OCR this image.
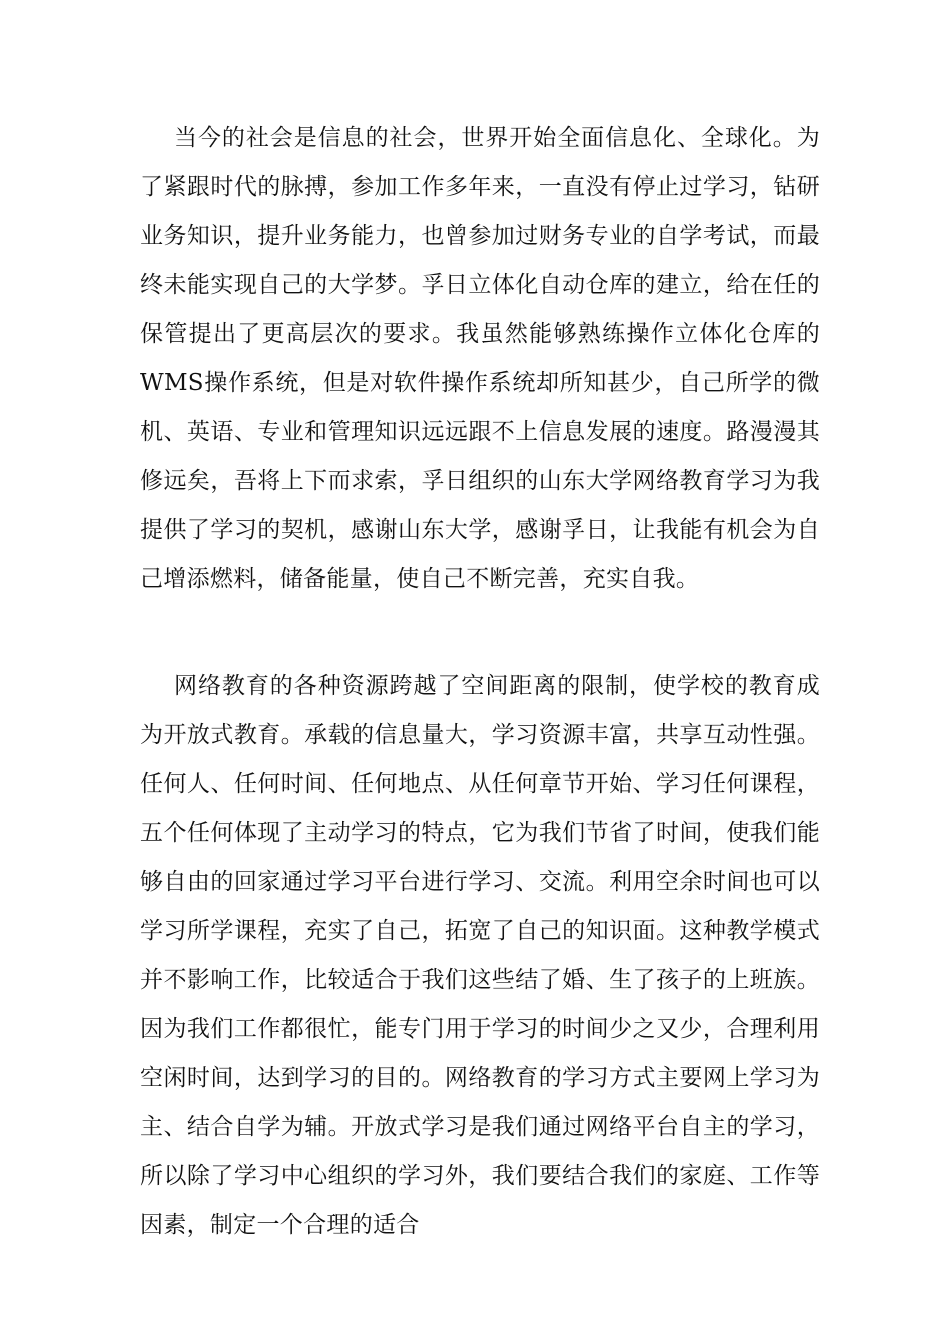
当今的社会是信息的社会，世界开始全面信息化、全球化。为了紧跟时代的脉搏，参加工作多年来，一直没有停止过学习，钻研业务知识，提升业务能力，也曾参加过财务专业的自学考试，而最终未能实现自己的大学梦。孚日立体化自动仓库的建立，给在任的保管提出了更高层次的要求。我虽然能够熟练操作立体化仓库的WMS操作系统，但是对软件操作系统却所知甚少，自己所学的微机、英语、专业和管理知识远远跟不上信息发展的速度。路漫漫其修远矣，吾将上下而求索，孚日组织的山东大学网络教育学习为我提供了学习的契机，感谢山东大学，感谢孚日，让我能有机会为自己增添燃料，储备能量，使自己不断完善，充实自我。

网络教育的各种资源跨越了空间距离的限制，使学校的教育成为开放式教育。承载的信息量大，学习资源丰富，共享互动性强。任何人、任何时间、任何地点、从任何章节开始、学习任何课程，五个任何体现了主动学习的特点，它为我们节省了时间，使我们能够自由的回家通过学习平台进行学习、交流。利用空余时间也可以学习所学课程，充实了自己，拓宽了自己的知识面。这种教学模式并不影响工作，比较适合于我们这些结了婚、生了孩子的上班族。因为我们工作都很忙，能专门用于学习的时间少之又少，合理利用空闲时间，达到学习的目的。网络教育的学习方式主要网上学习为主、结合自学为辅。开放式学习是我们通过网络平台自主的学习，所以除了学习中心组织的学习外，我们要结合我们的家庭、工作等因素，制定一个合理的适合
